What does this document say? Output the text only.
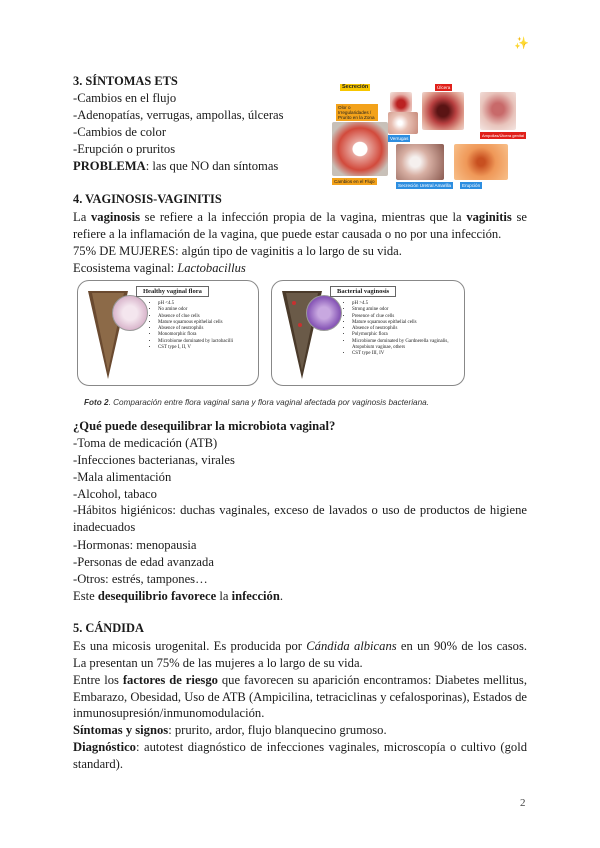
✨
3. SÍNTOMAS ETS
-Cambios en el flujo
-Adenopatías, verrugas, ampollas, úlceras
-Cambios de color
-Erupción o pruritos
PROBLEMA: las que NO dan síntomas
Secreción
Olor o Irregularidades / Prurito en la Zona
Cambios en el Flujo
Úlcera
Ampollas/Úlcera genital
Verrugas
Secreción Uretral Amarilla	Erupción
4. VAGINOSIS-VAGINITIS

La vaginosis se refiere a la infección propia de la vagina, mientras que la vaginitis se refiere a la inflamación de la vagina, que puede estar causada o no por una infección.

75% DE MUJERES: algún tipo de vaginitis a lo largo de su vida.
Ecosistema vaginal: Lactobacillus
Healthy vaginal flora
• pH <4.5
• No amine odor
• Absence of clue cells
• Mature squamous epithelial cells
• Absence of neutrophils
• Monomorphic flora
• Microbiome dominated by lactobacilli
• CST type I, II, V
Bacterial vaginosis
• pH >4.5
• Strong amine odor
• Presence of clue cells
• Mature squamous epithelial cells
• Absence of neutrophils
• Polymorphic flora
• Microbiome dominated by Gardnerella vaginalis, Atopobium vaginae, others
• CST type III, IV
Foto 2. Comparación entre flora vaginal sana y flora vaginal afectada por vaginosis bacteriana.
¿Qué puede desequilibrar la microbiota vaginal?
-Toma de medicación (ATB)
-Infecciones bacterianas, virales
-Mala alimentación
-Alcohol, tabaco

-Hábitos higiénicos: duchas vaginales, exceso de lavados o uso de productos de higiene inadecuados

-Hormonas: menopausia
-Personas de edad avanzada
-Otros: estrés, tampones…
Este desequilibrio favorece la infección.
5. CÁNDIDA

Es una micosis urogenital. Es producida por Cándida albicans en un 90% de los casos. La presentan un 75% de las mujeres a lo largo de su vida.

Entre los factores de riesgo que favorecen su aparición encontramos: Diabetes mellitus, Embarazo, Obesidad, Uso de ATB (Ampicilina, tetraciclinas y cefalosporinas), Estados de inmunosupresión/inmunomodulación.

Síntomas y signos: prurito, ardor, flujo blanquecino grumoso.

Diagnóstico: autotest diagnóstico de infecciones vaginales, microscopía o cultivo (gold standard).

2
